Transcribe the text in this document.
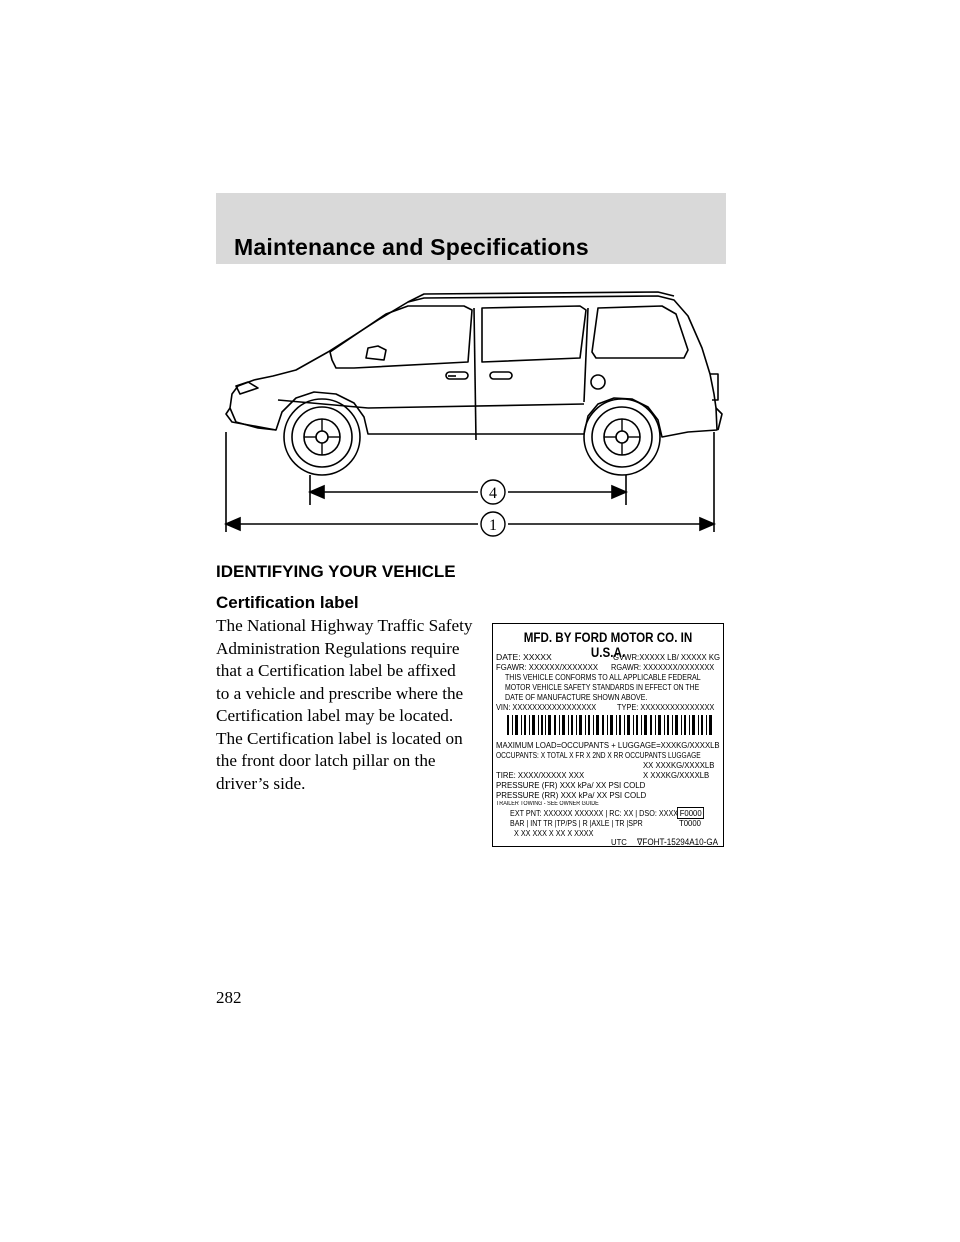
Maintenance and Specifications
4
1
IDENTIFYING YOUR VEHICLE
Certification label

The National Highway Traffic Safety

Administration Regulations require

that a Certification label be affixed

to a vehicle and prescribe where the

Certification label may be located.

The Certification label is located on

the front door latch pillar on the

driver’s side.

MFD. BY FORD MOTOR CO. IN U.S.A.
DATE: XXXXX	GVWR:XXXXX LB/ XXXXX KG
FGAWR: XXXXXX/XXXXXXX RGAWR: XXXXXXX/XXXXXXX
THIS VEHICLE CONFORMS TO ALL APPLICABLE FEDERAL
MOTOR VEHICLE SAFETY STANDARDS IN EFFECT ON THE
DATE OF MANUFACTURE SHOWN ABOVE.
VIN: XXXXXXXXXXXXXXXXX TYPE: XXXXXXXXXXXXXXX
MAXIMUM LOAD=OCCUPANTS + LUGGAGE=XXXKG/XXXXLB
OCCUPANTS: X TOTAL X FR X 2ND X RR OCCUPANTS LUGGAGE
XX XXXKG/XXXXLB
TIRE: XXXX/XXXXX XXX	X XXXKG/XXXXLB
PRESSURE (FR) XXX kPa/ XX PSI COLD
PRESSURE (RR) XXX kPa/ XX PSI COLD
TRAILER TOWING - SEE OWNER GUIDE
EXT PNT: XXXXXX XXXXXX | RC: XX | DSO: XXXX F0000
BAR | INT TR |TP/PS | R |AXLE | TR |SPR	T0000
X XX XXX X XX X XXXX
UTC ∇FOHT-15294A10-GA
282
